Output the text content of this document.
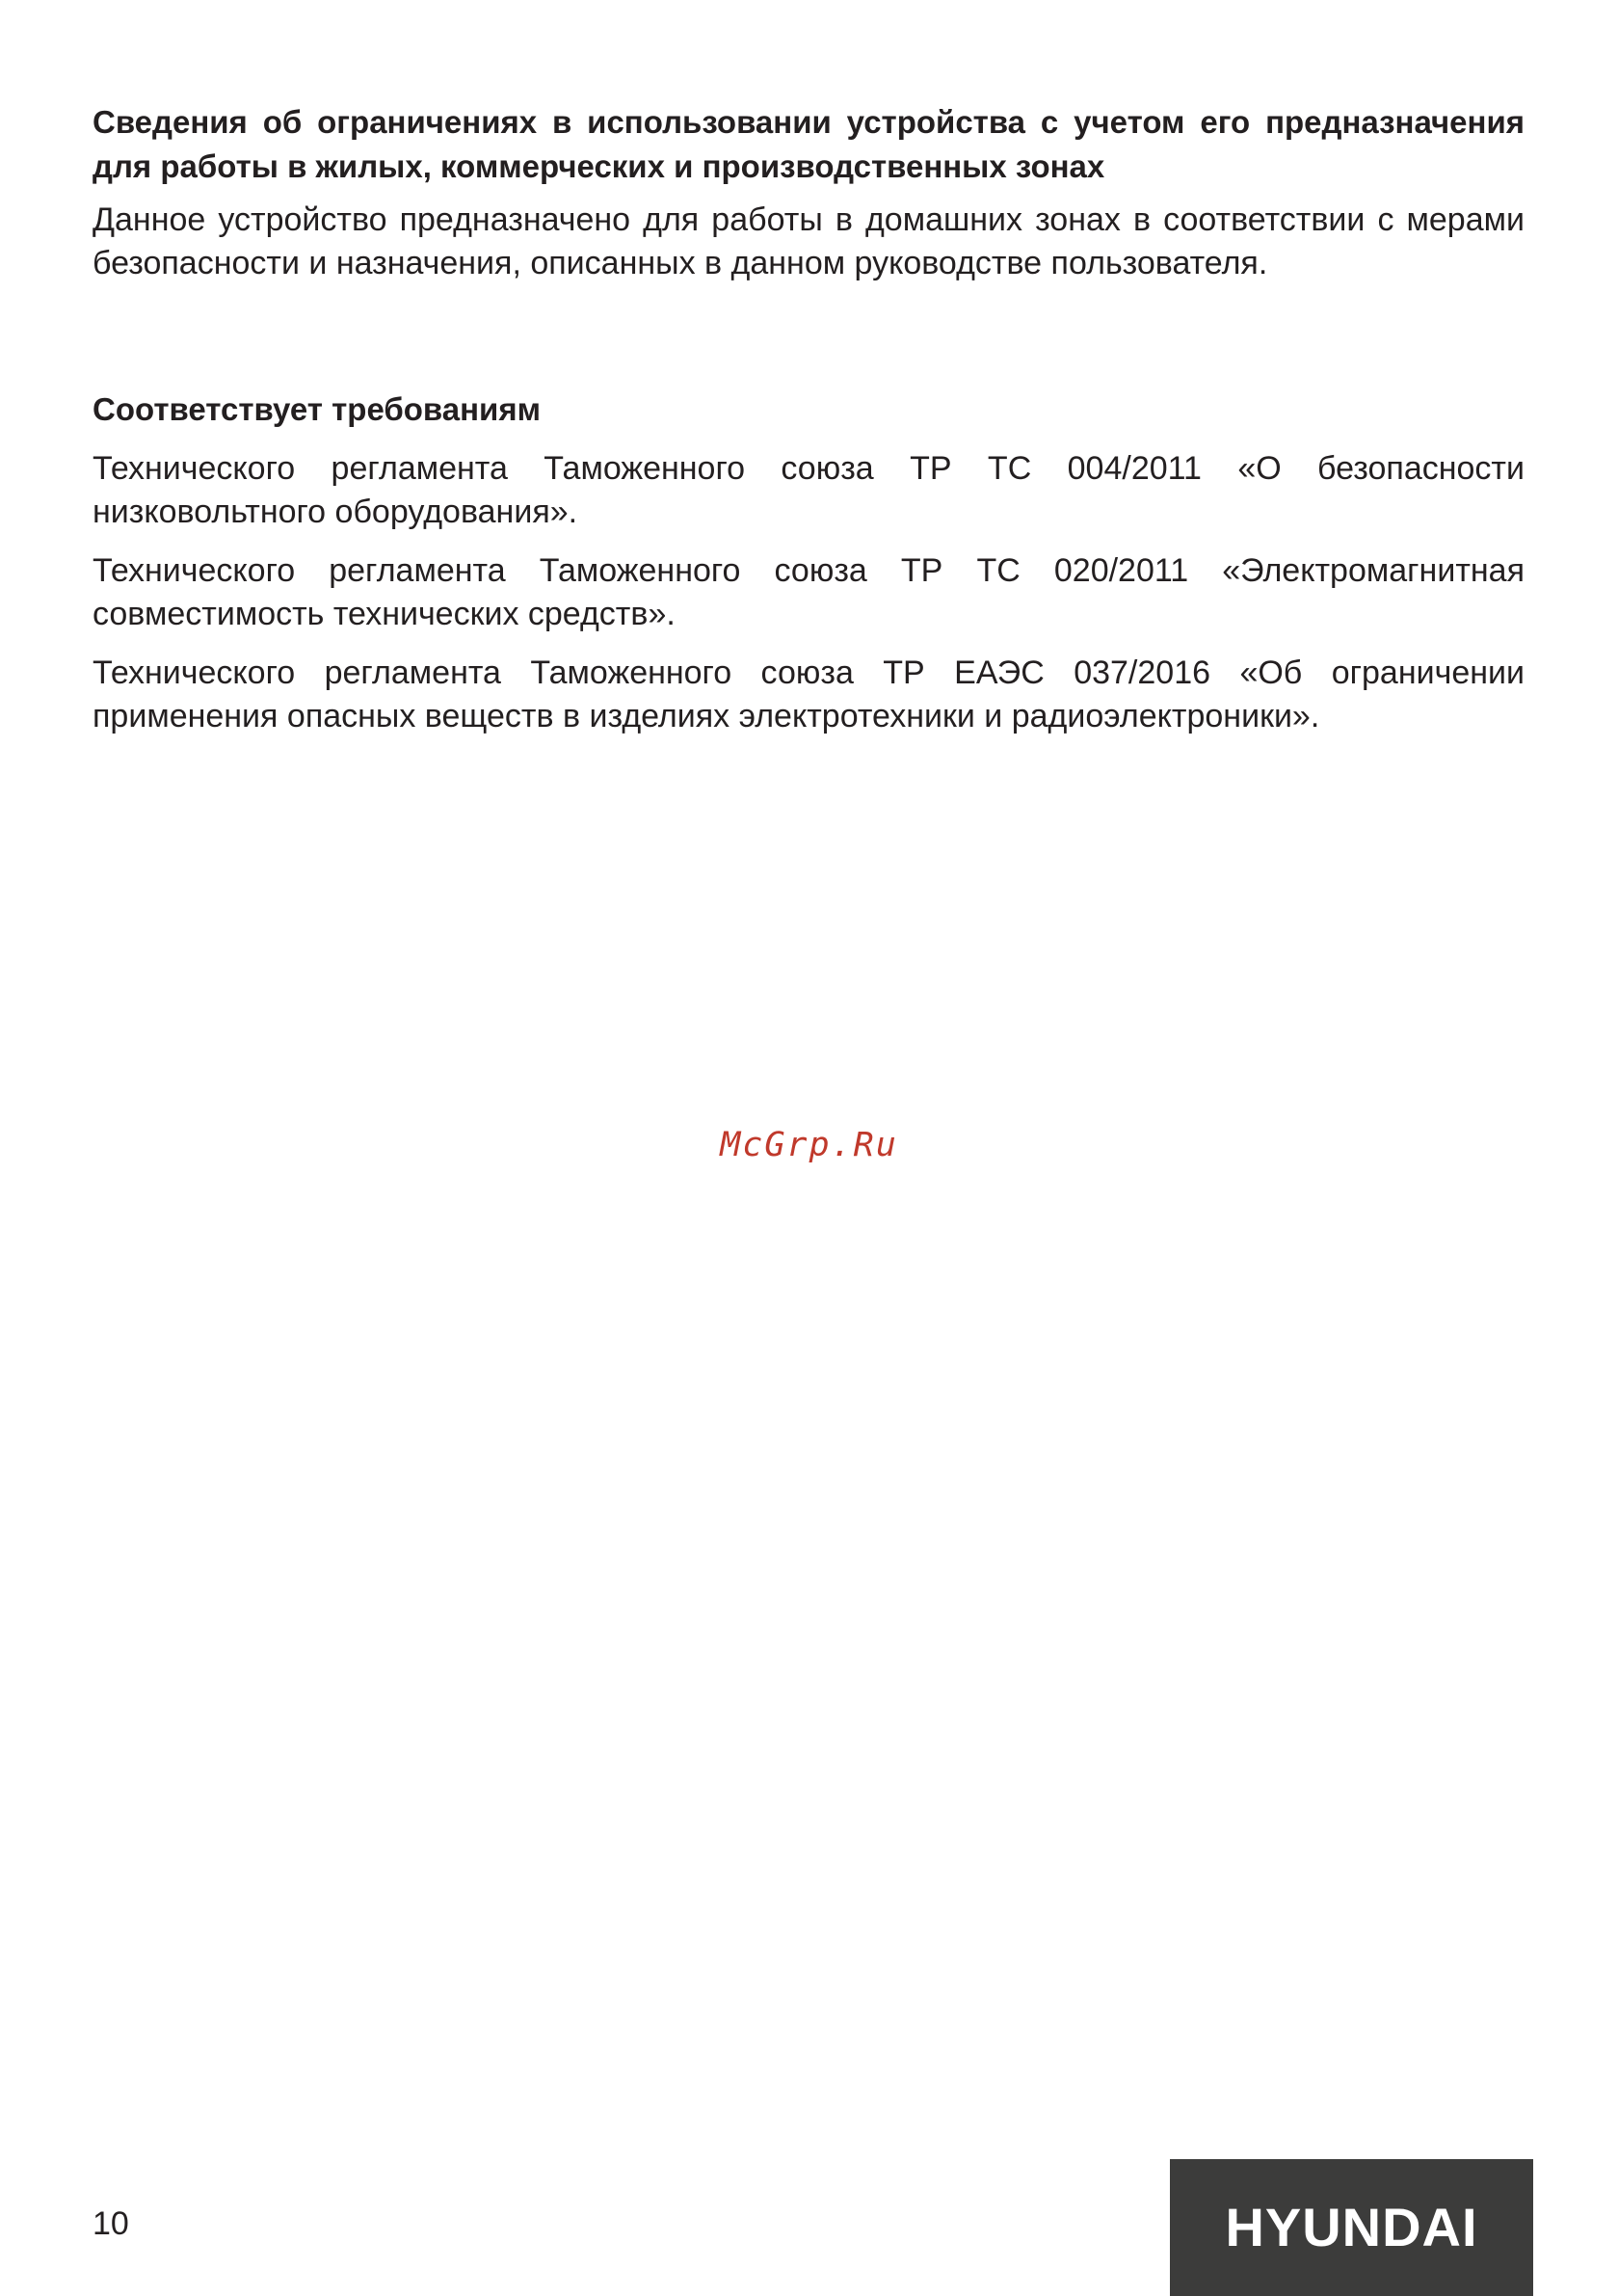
Сведения об ограничениях в использовании устройства с учетом его предназначения для работы в жилых, коммерческих и производственных зонах

Данное устройство предназначено для работы в домашних зонах в соответствии с мерами безопасности и назначения, описанных в данном руководстве пользователя.

Соответствует требованиям

Технического регламента Таможенного союза ТР ТС 004/2011 «О безопасности низковольтного оборудования».

Технического регламента Таможенного союза ТР ТС 020/2011 «Электромагнитная совместимость технических средств».

Технического регламента Таможенного союза ТР ЕАЭС 037/2016 «Об ограничении применения опасных веществ в изделиях электротехники и радиоэлектроники».

McGrp.Ru
10	HYUNDAI
